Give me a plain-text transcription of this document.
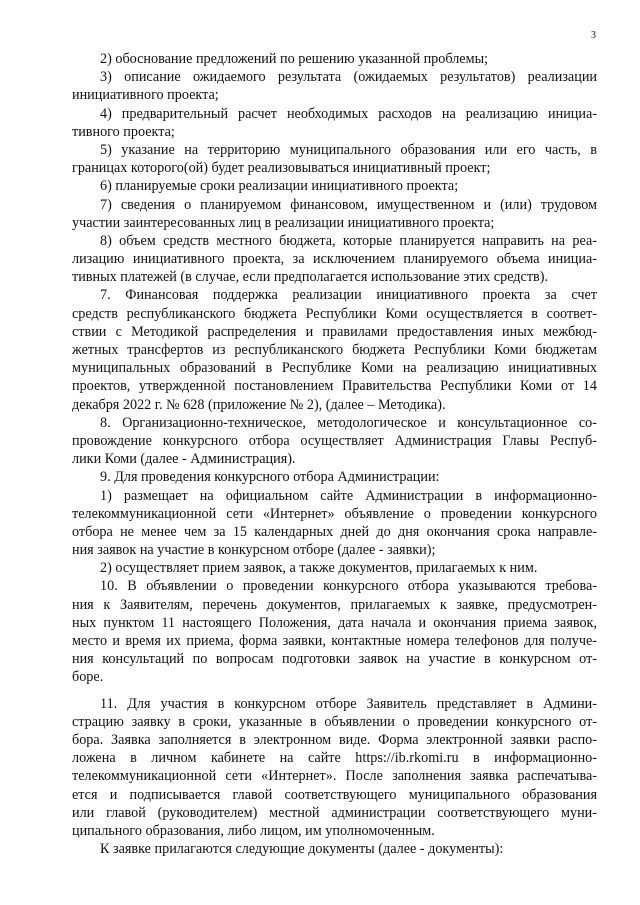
3
2) обоснование предложений по решению указанной проблемы;
3) описание ожидаемого результата (ожидаемых результатов) реализации
инициативного проекта;
4) предварительный расчет необходимых расходов на реализацию инициа-
тивного проекта;
5) указание на территорию муниципального образования или его часть, в
границах которого(ой) будет реализовываться инициативный проект;
6) планируемые сроки реализации инициативного проекта;
7) сведения о планируемом финансовом, имущественном и (или) трудовом
участии заинтересованных лиц в реализации инициативного проекта;
8) объем средств местного бюджета, которые планируется направить на реа-
лизацию инициативного проекта, за исключением планируемого объема инициа-
тивных платежей (в случае, если предполагается использование этих средств).
7. Финансовая поддержка реализации инициативного проекта за счет
средств республиканского бюджета Республики Коми осуществляется в соответ-
ствии с Методикой распределения и правилами предоставления иных межбюд-
жетных трансфертов из республиканского бюджета Республики Коми бюджетам
муниципальных образований в Республике Коми на реализацию инициативных
проектов, утвержденной постановлением Правительства Республики Коми от 14
декабря 2022 г. № 628 (приложение № 2), (далее – Методика).
8. Организационно-техническое, методологическое и консультационное со-
провождение конкурсного отбора осуществляет Администрация Главы Респуб-
лики Коми (далее - Администрация).
9. Для проведения конкурсного отбора Администрации:
1) размещает на официальном сайте Администрации в информационно-
телекоммуникационной сети «Интернет» объявление о проведении конкурсного
отбора не менее чем за 15 календарных дней до дня окончания срока направле-
ния заявок на участие в конкурсном отборе (далее - заявки);
2) осуществляет прием заявок, а также документов, прилагаемых к ним.
10. В объявлении о проведении конкурсного отбора указываются требова-
ния к Заявителям, перечень документов, прилагаемых к заявке, предусмотрен-
ных пунктом 11 настоящего Положения, дата начала и окончания приема заявок,
место и время их приема, форма заявки, контактные номера телефонов для получе-
ния консультаций по вопросам подготовки заявок на участие в конкурсном от-
боре.
11. Для участия в конкурсном отборе Заявитель представляет в Админи-
страцию заявку в сроки, указанные в объявлении о проведении конкурсного от-
бора. Заявка заполняется в электронном виде. Форма электронной заявки распо-
ложена в личном кабинете на сайте https://ib.rkomi.ru в информационно-
телекоммуникационной сети «Интернет». После заполнения заявка распечатыва-
ется и подписывается главой соответствующего муниципального образования
или главой (руководителем) местной администрации соответствующего муни-
ципального образования, либо лицом, им уполномоченным.
К заявке прилагаются следующие документы (далее - документы):
